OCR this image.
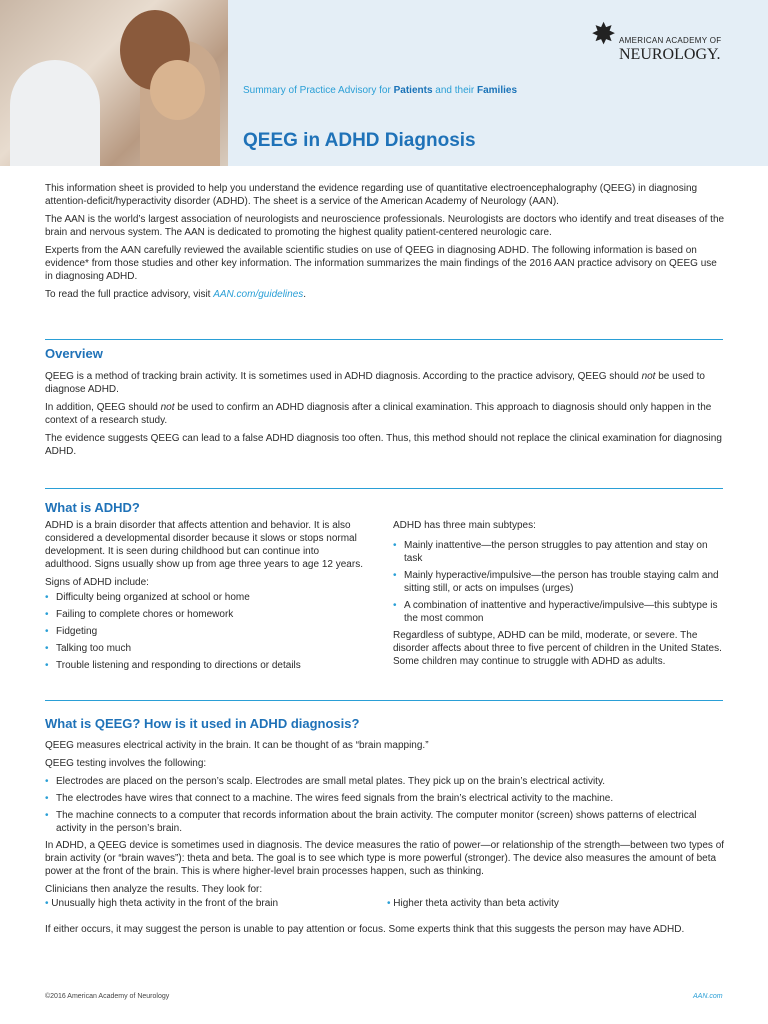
✸ AMERICAN ACADEMY OF
NEUROLOGY.
Summary of Practice Advisory for Patients and their Families
QEEG in ADHD Diagnosis

This information sheet is provided to help you understand the evidence regarding use of quantitative electroencephalography (QEEG) in diagnosing attention-deficit/hyperactivity disorder (ADHD). The sheet is a service of the American Academy of Neurology (AAN).

The AAN is the world’s largest association of neurologists and neuroscience professionals. Neurologists are doctors who identify and treat diseases of the brain and nervous system. The AAN is dedicated to promoting the highest quality patient-centered neurologic care.

Experts from the AAN carefully reviewed the available scientific studies on use of QEEG in diagnosing ADHD. The following information is based on evidence* from those studies and other key information. The information summarizes the main findings of the 2016 AAN practice advisory on QEEG use in diagnosing ADHD.

To read the full practice advisory, visit AAN.com/guidelines.

Overview

QEEG is a method of tracking brain activity. It is sometimes used in ADHD diagnosis. According to the practice advisory, QEEG should not be used to diagnose ADHD.

In addition, QEEG should not be used to confirm an ADHD diagnosis after a clinical examination. This approach to diagnosis should only happen in the context of a research study.

The evidence suggests QEEG can lead to a false ADHD diagnosis too often. Thus, this method should not replace the clinical examination for diagnosing ADHD.

What is ADHD?

ADHD is a brain disorder that affects attention and behavior. It is also considered a developmental disorder because it slows or stops normal development. It is seen during childhood but can continue into adulthood. Signs usually show up from age three years to age 12 years.

Signs of ADHD include:

• Difficulty being organized at school or home
• Failing to complete chores or homework
• Fidgeting
• Talking too much
• Trouble listening and responding to directions or details

ADHD has three main subtypes:

• Mainly inattentive—the person struggles to pay attention and stay on task
• Mainly hyperactive/impulsive—the person has trouble staying calm and sitting still, or acts on impulses (urges)
• A combination of inattentive and hyperactive/impulsive—this subtype is the most common

Regardless of subtype, ADHD can be mild, moderate, or severe. The disorder affects about three to five percent of children in the United States. Some children may continue to struggle with ADHD as adults.

What is QEEG? How is it used in ADHD diagnosis?

QEEG measures electrical activity in the brain. It can be thought of as “brain mapping.”

QEEG testing involves the following:

• Electrodes are placed on the person’s scalp. Electrodes are small metal plates. They pick up on the brain’s electrical activity.
• The electrodes have wires that connect to a machine. The wires feed signals from the brain’s electrical activity to the machine.
• The machine connects to a computer that records information about the brain activity. The computer monitor (screen) shows patterns of electrical activity in the person’s brain.

In ADHD, a QEEG device is sometimes used in diagnosis. The device measures the ratio of power—or relationship of the strength—between two types of brain activity (or “brain waves”): theta and beta. The goal is to see which type is more powerful (stronger). The device also measures the amount of beta power at the front of the brain. This is where higher-level brain processes happen, such as thinking.

Clinicians then analyze the results. They look for:

• Unusually high theta activity in the front of the brain	• Higher theta activity than beta activity

If either occurs, it may suggest the person is unable to pay attention or focus. Some experts think that this suggests the person may have ADHD.

©2016 American Academy of Neurology	AAN.com
